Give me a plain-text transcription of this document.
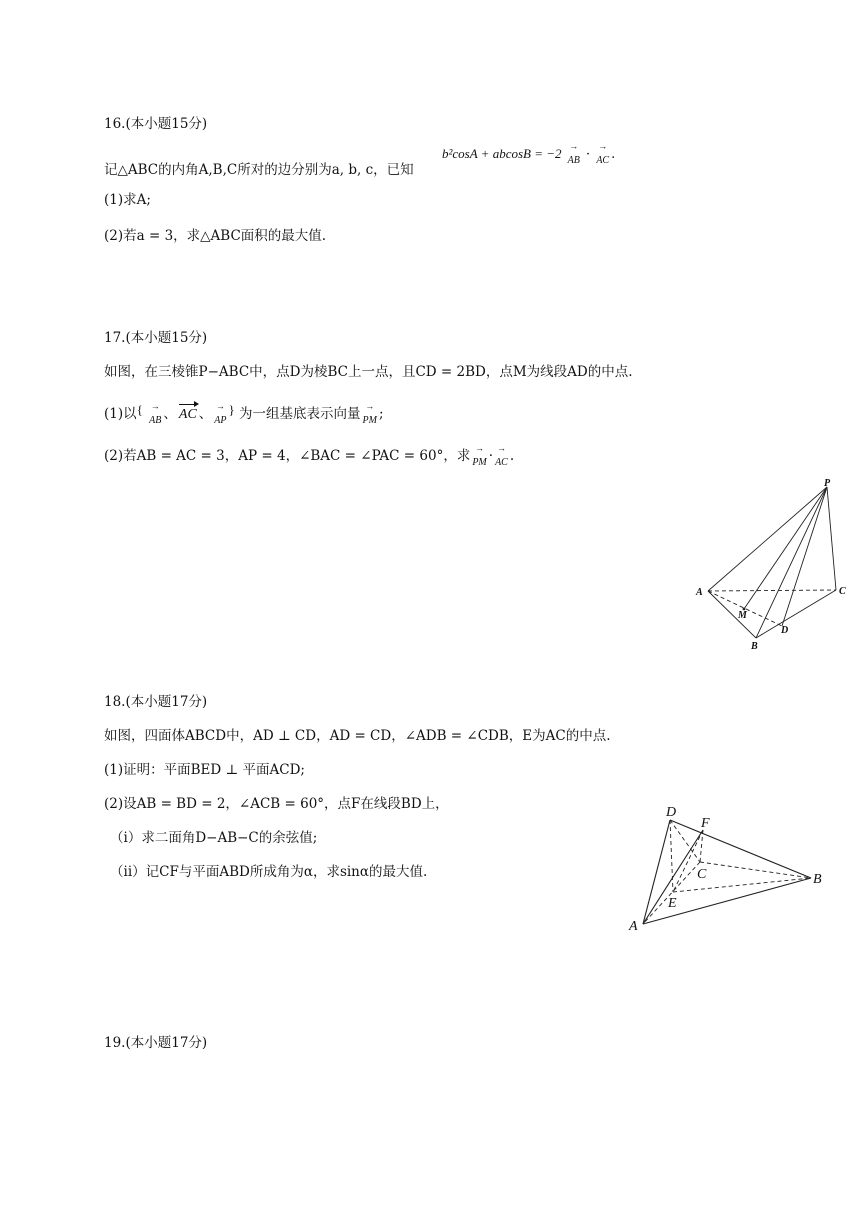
16.(本小题15分)
b²cosA + abcosB = −2 → AB · → AC .
记△ABC的内角A,B,C所对的边分别为a, b, c，已知
(1)求A;
(2)若a = 3，求△ABC面积的最大值.
17.(本小题15分)
如图，在三棱锥P−ABC中，点D为棱BC上一点，且CD = 2BD，点M为线段AD的中点.
(1)以{ → AB 、 AC 、 → AP} 为一组基底表示向量 → PM ;
(2)若AB = AC = 3，AP = 4，∠BAC = ∠PAC = 60°，求 → PM · → AC .
P
A	C
M
D
B
18.(本小题17分)
如图，四面体ABCD中，AD ⊥ CD，AD = CD，∠ADB = ∠CDB，E为AC的中点.
(1)证明：平面BED ⊥ 平面ACD;
(2)设AB = BD = 2，∠ACB = 60°，点F在线段BD上，
（i）求二面角D−AB−C的余弦值;
（ii）记CF与平面ABD所成角为α，求sinα的最大值.
D
F
C	B
E
A
19.(本小题17分)
